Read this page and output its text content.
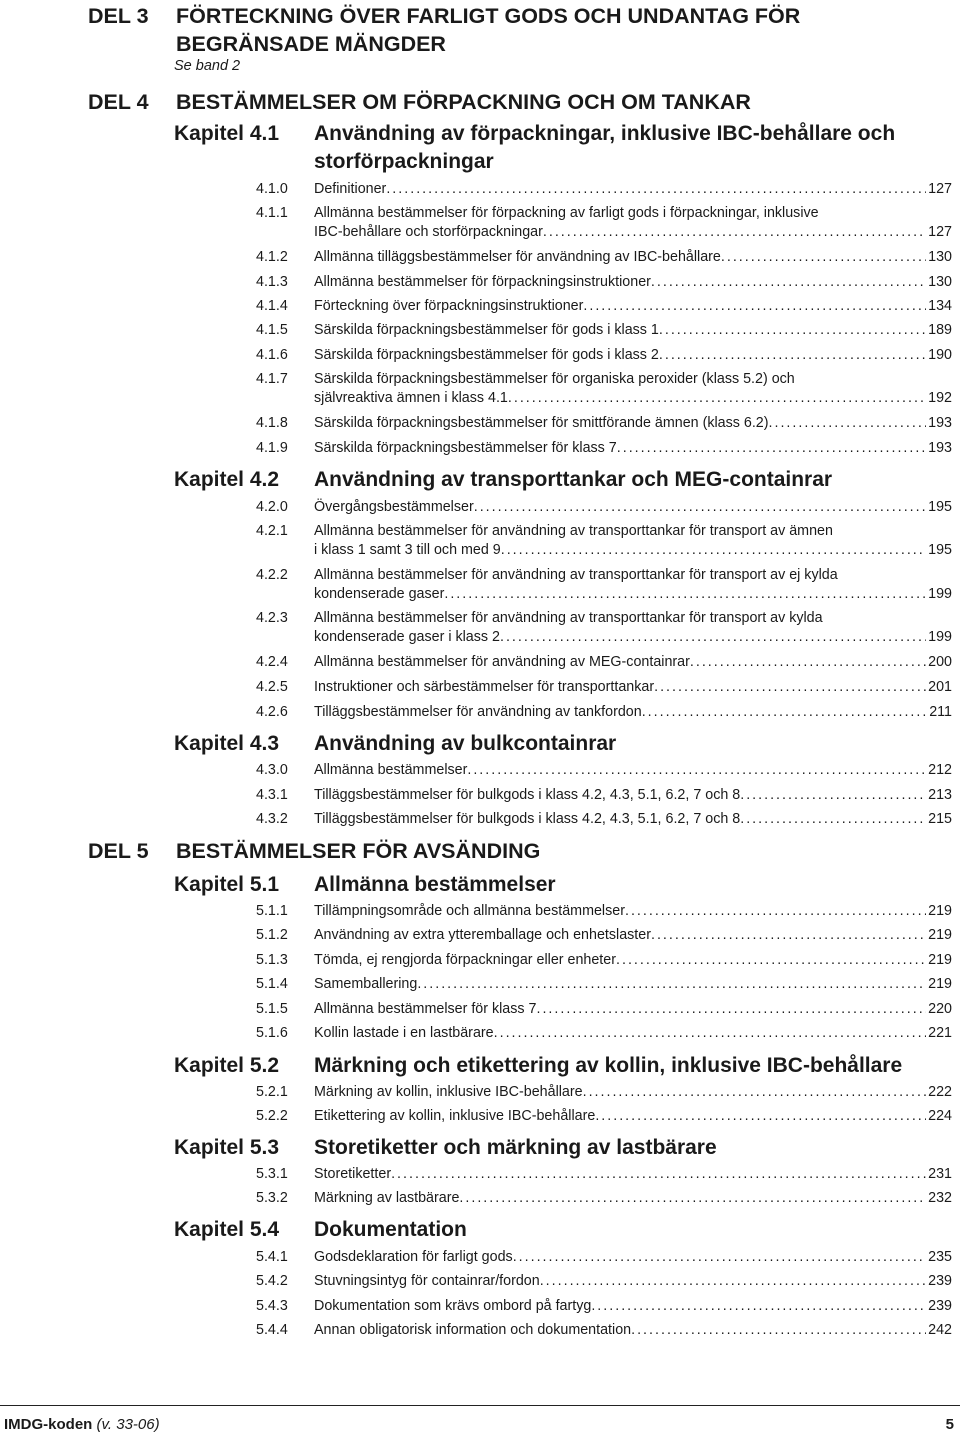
DEL 3 FÖRTECKNING ÖVER FARLIGT GODS OCH UNDANTAG FÖR
BEGRÄNSADE MÄNGDER
Se band 2
DEL 4 BESTÄMMELSER OM FÖRPACKNING OCH OM TANKAR
Kapitel 4.1 Användning av förpackningar, inklusive IBC-behållare och storförpackningar
4.1.0 Definitioner .....	127
4.1.1 Allmänna bestämmelser för förpackning av farligt gods i förpackningar, inklusive
IBC-behållare och storförpackningar .....	127
4.1.2 Allmänna tilläggsbestämmelser för användning av IBC-behållare .....	130
4.1.3 Allmänna bestämmelser för förpackningsinstruktioner .....	130
4.1.4 Förteckning över förpackningsinstruktioner .....	134
4.1.5 Särskilda förpackningsbestämmelser för gods i klass 1 .....	189
4.1.6 Särskilda förpackningsbestämmelser för gods i klass 2 .....	190
4.1.7 Särskilda förpackningsbestämmelser för organiska peroxider (klass 5.2) och
självreaktiva ämnen i klass 4.1 .....	192
4.1.8 Särskilda förpackningsbestämmelser för smittförande ämnen (klass 6.2) .....	193
4.1.9 Särskilda förpackningsbestämmelser för klass 7 .....	193
Kapitel 4.2 Användning av transporttankar och MEG-containrar
4.2.0 Övergångsbestämmelser .....	195
4.2.1 Allmänna bestämmelser för användning av transporttankar för transport av ämnen
i klass 1 samt 3 till och med 9 .....	195
4.2.2 Allmänna bestämmelser för användning av transporttankar för transport av ej kylda
kondenserade gaser .....	199
4.2.3 Allmänna bestämmelser för användning av transporttankar för transport av kylda
kondenserade gaser i klass 2 .....	199
4.2.4 Allmänna bestämmelser för användning av MEG-containrar .....	200
4.2.5 Instruktioner och särbestämmelser för transporttankar .....	201
4.2.6 Tilläggsbestämmelser för användning av tankfordon .....	211
Kapitel 4.3 Användning av bulkcontainrar
4.3.0 Allmänna bestämmelser .....	212
4.3.1 Tilläggsbestämmelser för bulkgods i klass 4.2, 4.3, 5.1, 6.2, 7 och 8 .....	213
4.3.2 Tilläggsbestämmelser för bulkgods i klass 4.2, 4.3, 5.1, 6.2, 7 och 8 .....	215
DEL 5 BESTÄMMELSER FÖR AVSÄNDING
Kapitel 5.1 Allmänna bestämmelser
5.1.1 Tillämpningsområde och allmänna bestämmelser .....	219
5.1.2 Användning av extra ytteremballage och enhetslaster .....	219
5.1.3 Tömda, ej rengjorda förpackningar eller enheter .....	219
5.1.4 Samemballering .....	219
5.1.5 Allmänna bestämmelser för klass 7 .....	220
5.1.6 Kollin lastade i en lastbärare .....	221
Kapitel 5.2 Märkning och etikettering av kollin, inklusive IBC-behållare
5.2.1 Märkning av kollin, inklusive IBC-behållare .....	222
5.2.2 Etikettering av kollin, inklusive IBC-behållare .....	224
Kapitel 5.3 Storetiketter och märkning av lastbärare
5.3.1 Storetiketter .....	231
5.3.2 Märkning av lastbärare .....	232
Kapitel 5.4 Dokumentation
5.4.1 Godsdeklaration för farligt gods .....	235
5.4.2 Stuvningsintyg för containrar/fordon .....	239
5.4.3 Dokumentation som krävs ombord på fartyg .....	239
5.4.4 Annan obligatorisk information och dokumentation .....	242
IMDG-koden (v. 33-06)	5
